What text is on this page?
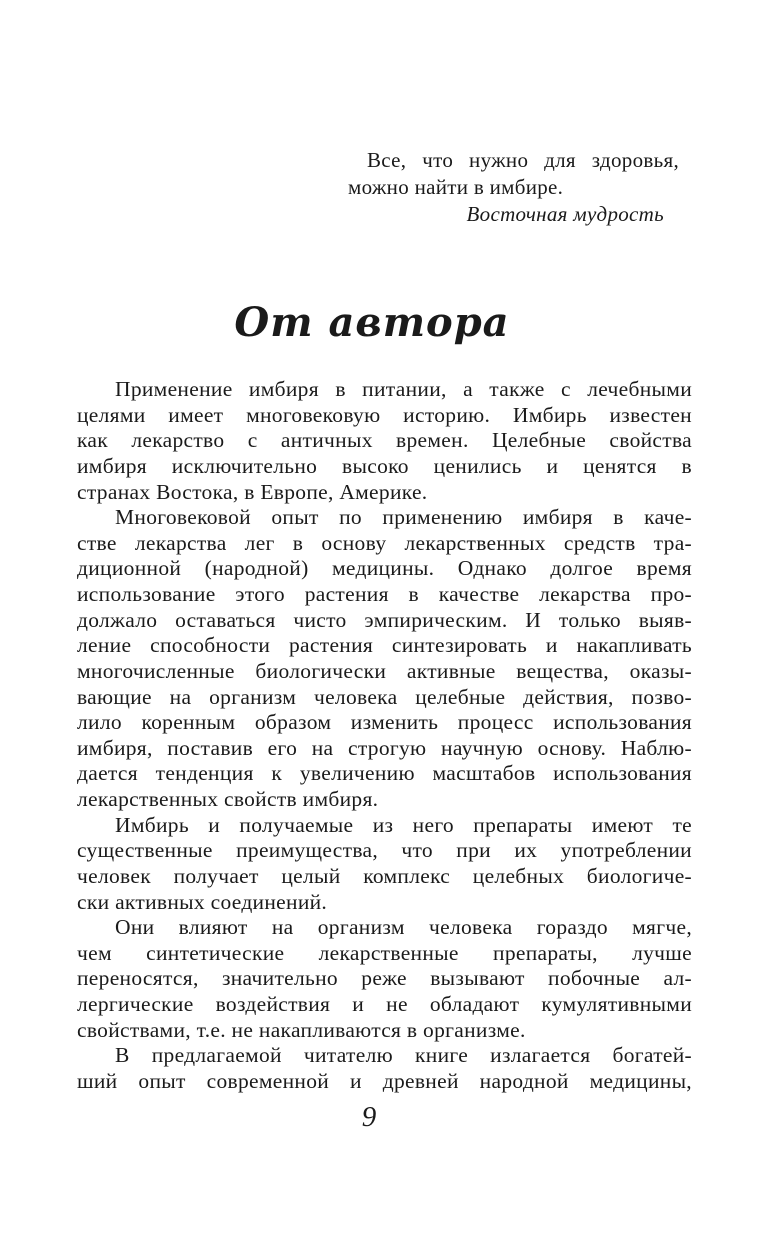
Все, что нужно для здоровья,
можно найти в имбире.
Восточная мудрость
От автора
Применение имбиря в питании, а также с лечебными
целями имеет многовековую историю. Имбирь известен
как лекарство с античных времен. Целебные свойства
имбиря исключительно высоко ценились и ценятся в
странах Востока, в Европе, Америке.
Многовековой опыт по применению имбиря в каче-
стве лекарства лег в основу лекарственных средств тра-
диционной (народной) медицины. Однако долгое время
использование этого растения в качестве лекарства про-
должало оставаться чисто эмпирическим. И только выяв-
ление способности растения синтезировать и накапливать
многочисленные биологически активные вещества, оказы-
вающие на организм человека целебные действия, позво-
лило коренным образом изменить процесс использования
имбиря, поставив его на строгую научную основу. Наблю-
дается тенденция к увеличению масштабов использования
лекарственных свойств имбиря.
Имбирь и получаемые из него препараты имеют те
существенные преимущества, что при их употреблении
человек получает целый комплекс целебных биологиче-
ски активных соединений.
Они влияют на организм человека гораздо мягче,
чем синтетические лекарственные препараты, лучше
переносятся, значительно реже вызывают побочные ал-
лергические воздействия и не обладают кумулятивными
свойствами, т.е. не накапливаются в организме.
В предлагаемой читателю книге излагается богатей-
ший опыт современной и древней народной медицины,
9
